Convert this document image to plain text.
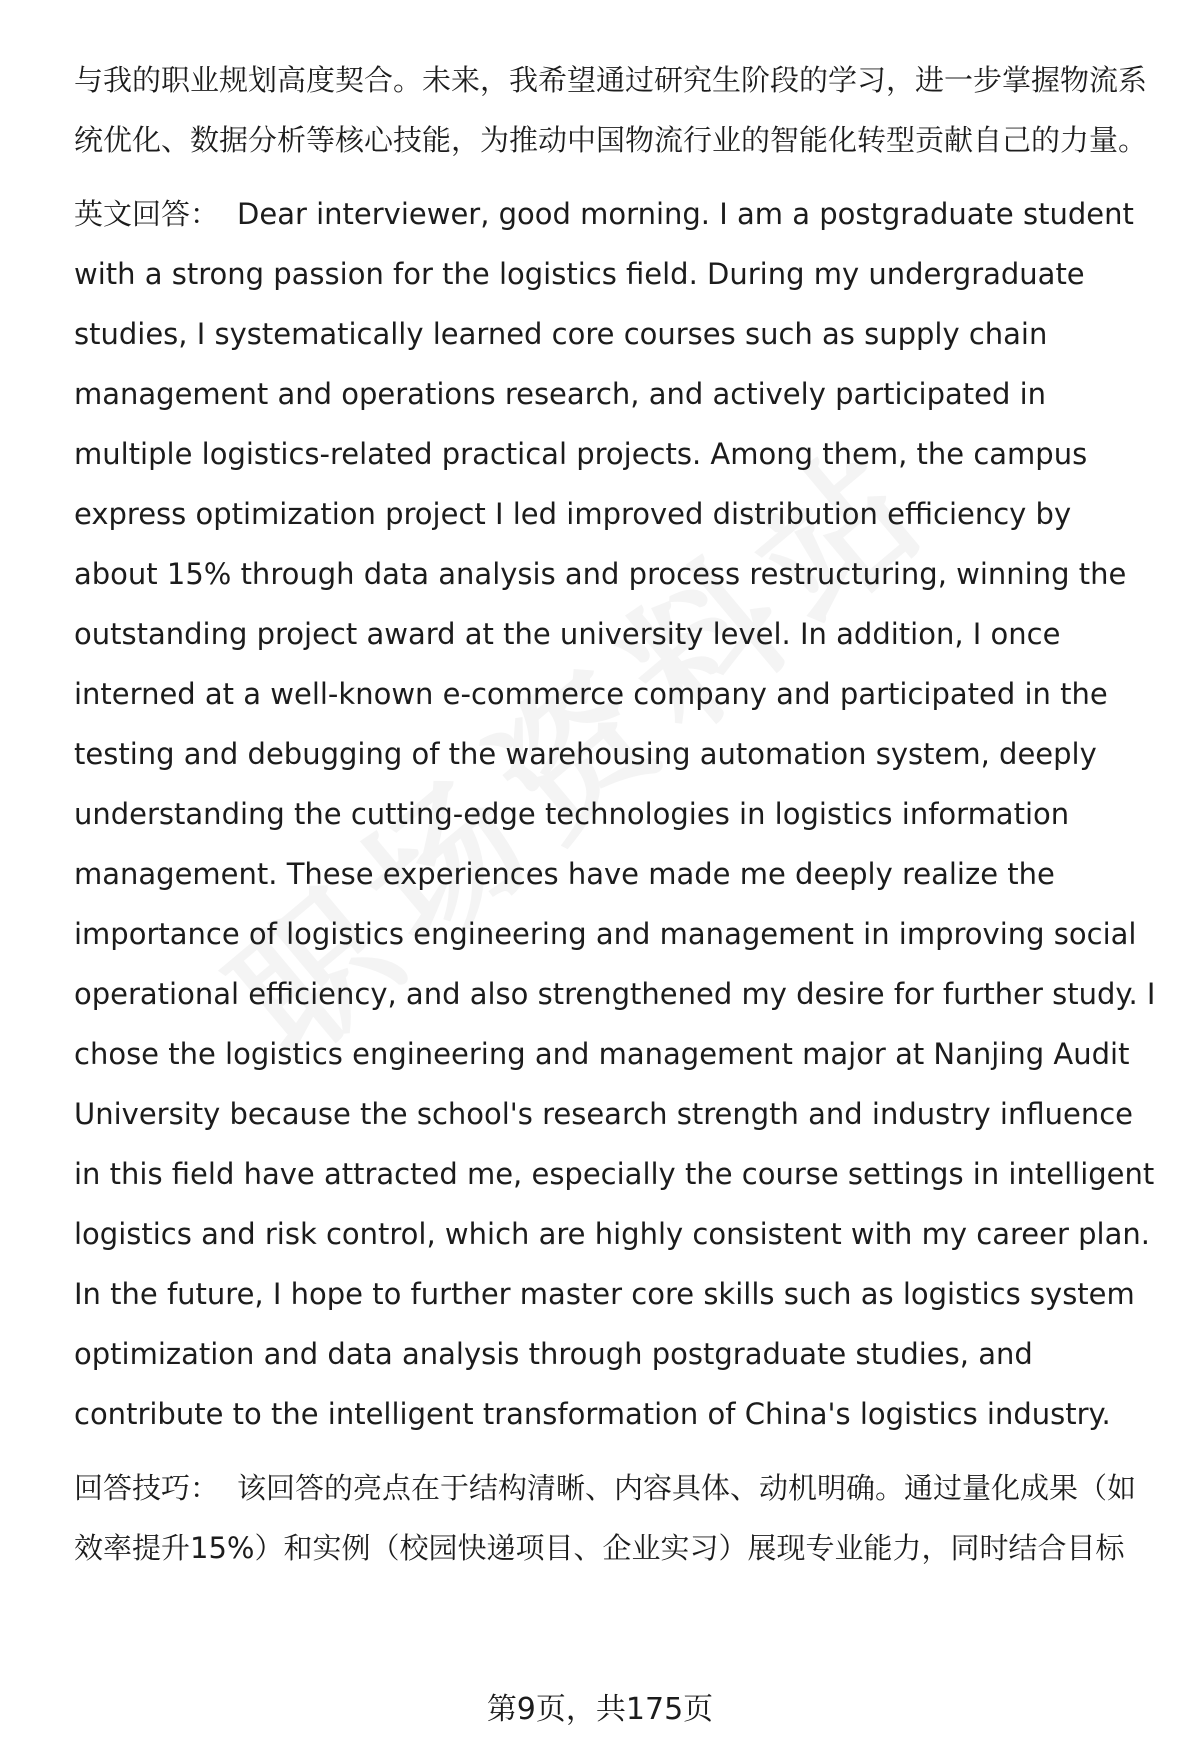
与我的职业规划高度契合。未来，我希望通过研究生阶段的学习，进一步掌握物流系统优化、数据分析等核心技能，为推动中国物流行业的智能化转型贡献自己的力量。

英文回答： Dear interviewer, good morning. I am a postgraduate student with a strong passion for the logistics field. During my undergraduate studies, I systematically learned core courses such as supply chain management and operations research, and actively participated in multiple logistics-related practical projects. Among them, the campus express optimization project I led improved distribution efficiency by about 15% through data analysis and process restructuring, winning the outstanding project award at the university level. In addition, I once interned at a well-known e-commerce company and participated in the testing and debugging of the warehousing automation system, deeply understanding the cutting-edge technologies in logistics information management. These experiences have made me deeply realize the importance of logistics engineering and management in improving social operational efficiency, and also strengthened my desire for further study. I chose the logistics engineering and management major at Nanjing Audit University because the school's research strength and industry influence in this field have attracted me, especially the course settings in intelligent logistics and risk control, which are highly consistent with my career plan. In the future, I hope to further master core skills such as logistics system optimization and data analysis through postgraduate studies, and contribute to the intelligent transformation of China's logistics industry.

回答技巧： 该回答的亮点在于结构清晰、内容具体、动机明确。通过量化成果（如效率提升15%）和实例（校园快递项目、企业实习）展现专业能力，同时结合目标

第9页，共175页
